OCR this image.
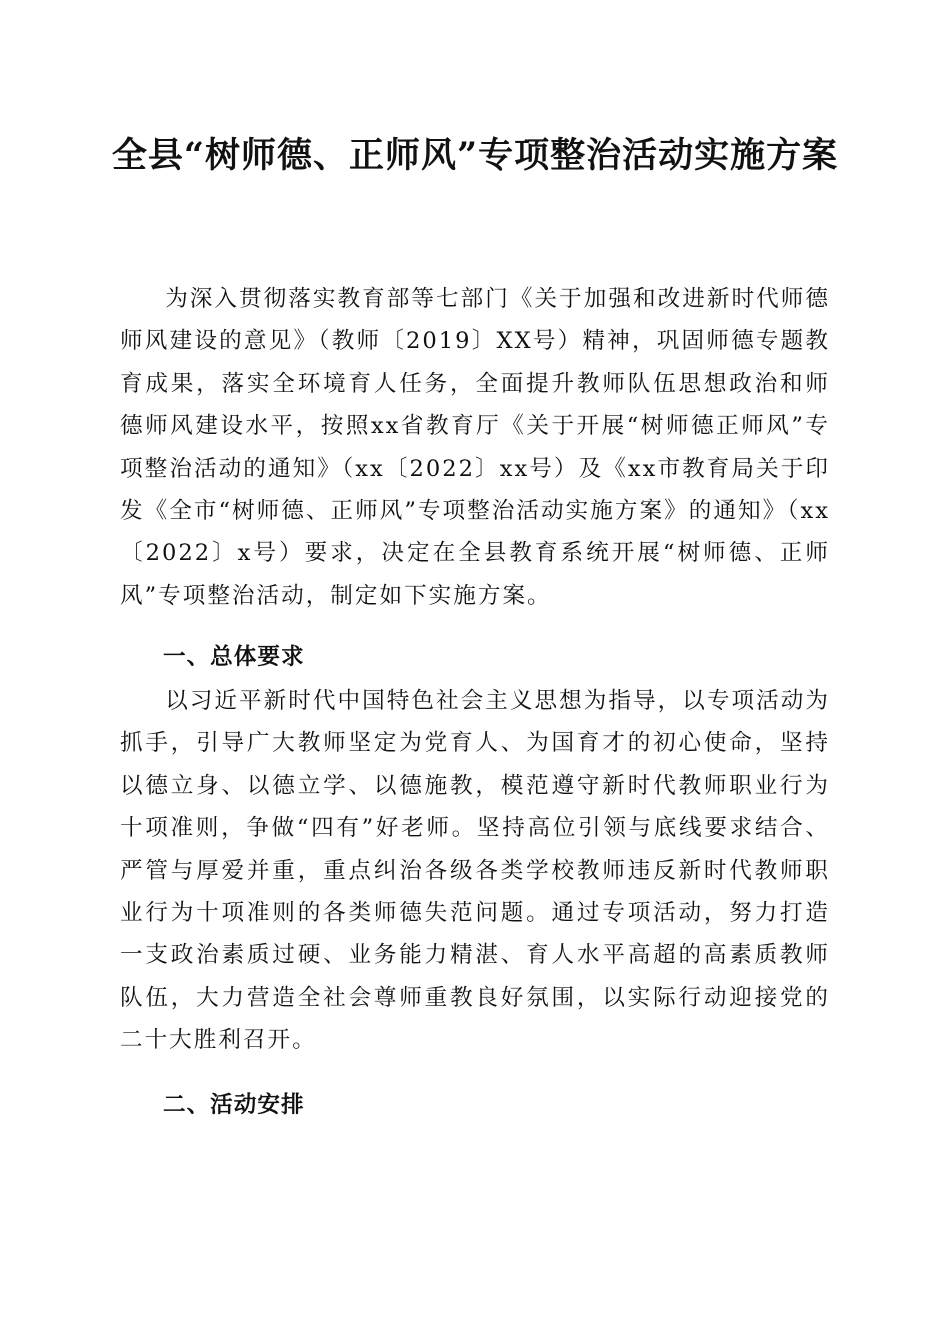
全县“树师德、正师风”专项整治活动实施方案

为深入贯彻落实教育部等七部门《关于加强和改进新时代师德师风建设的意见》（教师〔2019〕XX号）精神，巩固师德专题教育成果，落实全环境育人任务，全面提升教师队伍思想政治和师德师风建设水平，按照xx省教育厅《关于开展“树师德正师风”专项整治活动的通知》（xx〔2022〕xx号）及《xx市教育局关于印发《全市“树师德、正师风”专项整治活动实施方案》的通知》（xx〔2022〕x号）要求，决定在全县教育系统开展“树师德、正师风”专项整治活动，制定如下实施方案。

一、总体要求

以习近平新时代中国特色社会主义思想为指导，以专项活动为抓手，引导广大教师坚定为党育人、为国育才的初心使命，坚持以德立身、以德立学、以德施教，模范遵守新时代教师职业行为十项准则，争做“四有”好老师。坚持高位引领与底线要求结合、严管与厚爱并重，重点纠治各级各类学校教师违反新时代教师职业行为十项准则的各类师德失范问题。通过专项活动，努力打造一支政治素质过硬、业务能力精湛、育人水平高超的高素质教师队伍，大力营造全社会尊师重教良好氛围，以实际行动迎接党的二十大胜利召开。

二、活动安排
